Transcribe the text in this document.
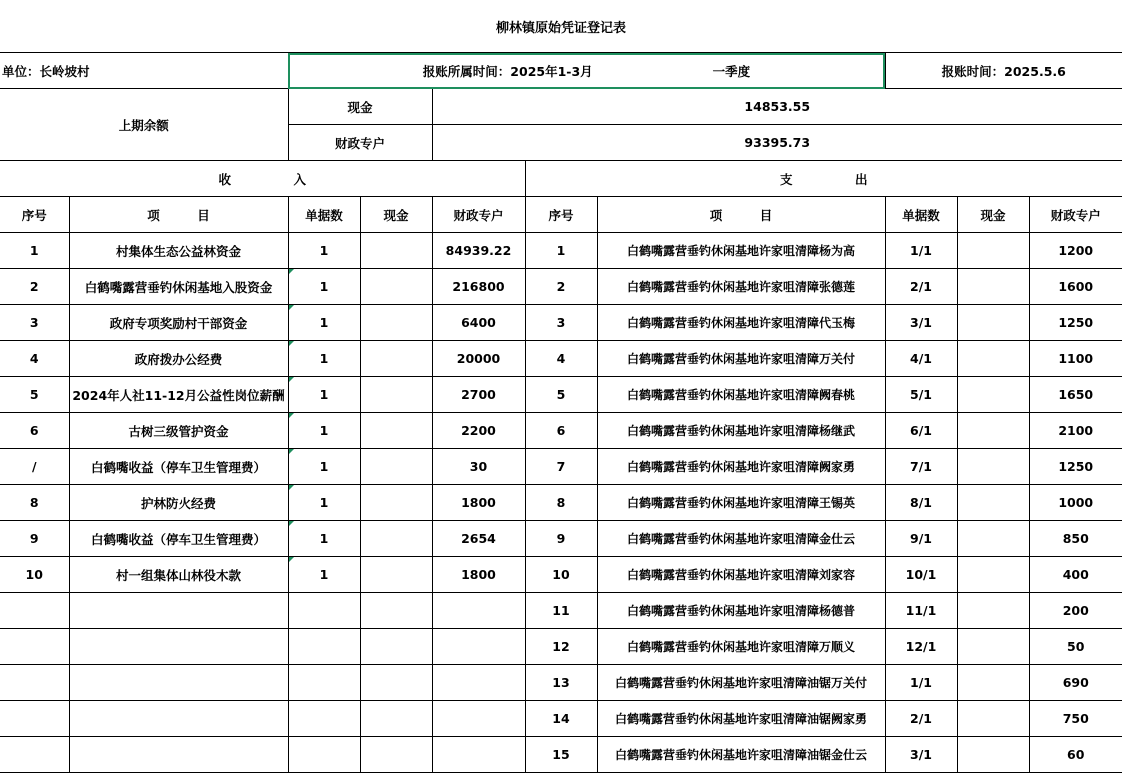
柳林镇原始凭证登记表
单位：长岭坡村		报账所属时间：2025年1-3月 一季度					报账时间：2025.5.6		
上期余额		现金		14853.55					
		财政专户		93395.73					
收　　　　　入					支　　　　　出				
序号	项　　　目	单据数	现金	财政专户	序号	项　　　目	单据数	现金	财政专户
1	村集体生态公益林资金	1		84939.22	1	白鹤嘴露营垂钓休闲基地许家咀清障杨为高	1/1		1200
2	白鹤嘴露营垂钓休闲基地入股资金	1		216800	2	白鹤嘴露营垂钓休闲基地许家咀清障张德莲	2/1		1600
3	政府专项奖励村干部资金	1		6400	3	白鹤嘴露营垂钓休闲基地许家咀清障代玉梅	3/1		1250
4	政府拨办公经费	1		20000	4	白鹤嘴露营垂钓休闲基地许家咀清障万关付	4/1		1100
5	2024年人社11-12月公益性岗位薪酬	1		2700	5	白鹤嘴露营垂钓休闲基地许家咀清障阙春桃	5/1		1650
6	古树三级管护资金	1		2200	6	白鹤嘴露营垂钓休闲基地许家咀清障杨继武	6/1		2100
/	白鹤嘴收益（停车卫生管理费）	1		30	7	白鹤嘴露营垂钓休闲基地许家咀清障阙家勇	7/1		1250
8	护林防火经费	1		1800	8	白鹤嘴露营垂钓休闲基地许家咀清障王锡英	8/1		1000
9	白鹤嘴收益（停车卫生管理费）	1		2654	9	白鹤嘴露营垂钓休闲基地许家咀清障金仕云	9/1		850
10	村一组集体山林役木款	1		1800	10	白鹤嘴露营垂钓休闲基地许家咀清障刘家容	10/1		400
					11	白鹤嘴露营垂钓休闲基地许家咀清障杨德普	11/1		200
					12	白鹤嘴露营垂钓休闲基地许家咀清障万顺义	12/1		50
					13	白鹤嘴露营垂钓休闲基地许家咀清障油锯万关付	1/1		690
					14	白鹤嘴露营垂钓休闲基地许家咀清障油锯阙家勇	2/1		750
					15	白鹤嘴露营垂钓休闲基地许家咀清障油锯金仕云	3/1		60
